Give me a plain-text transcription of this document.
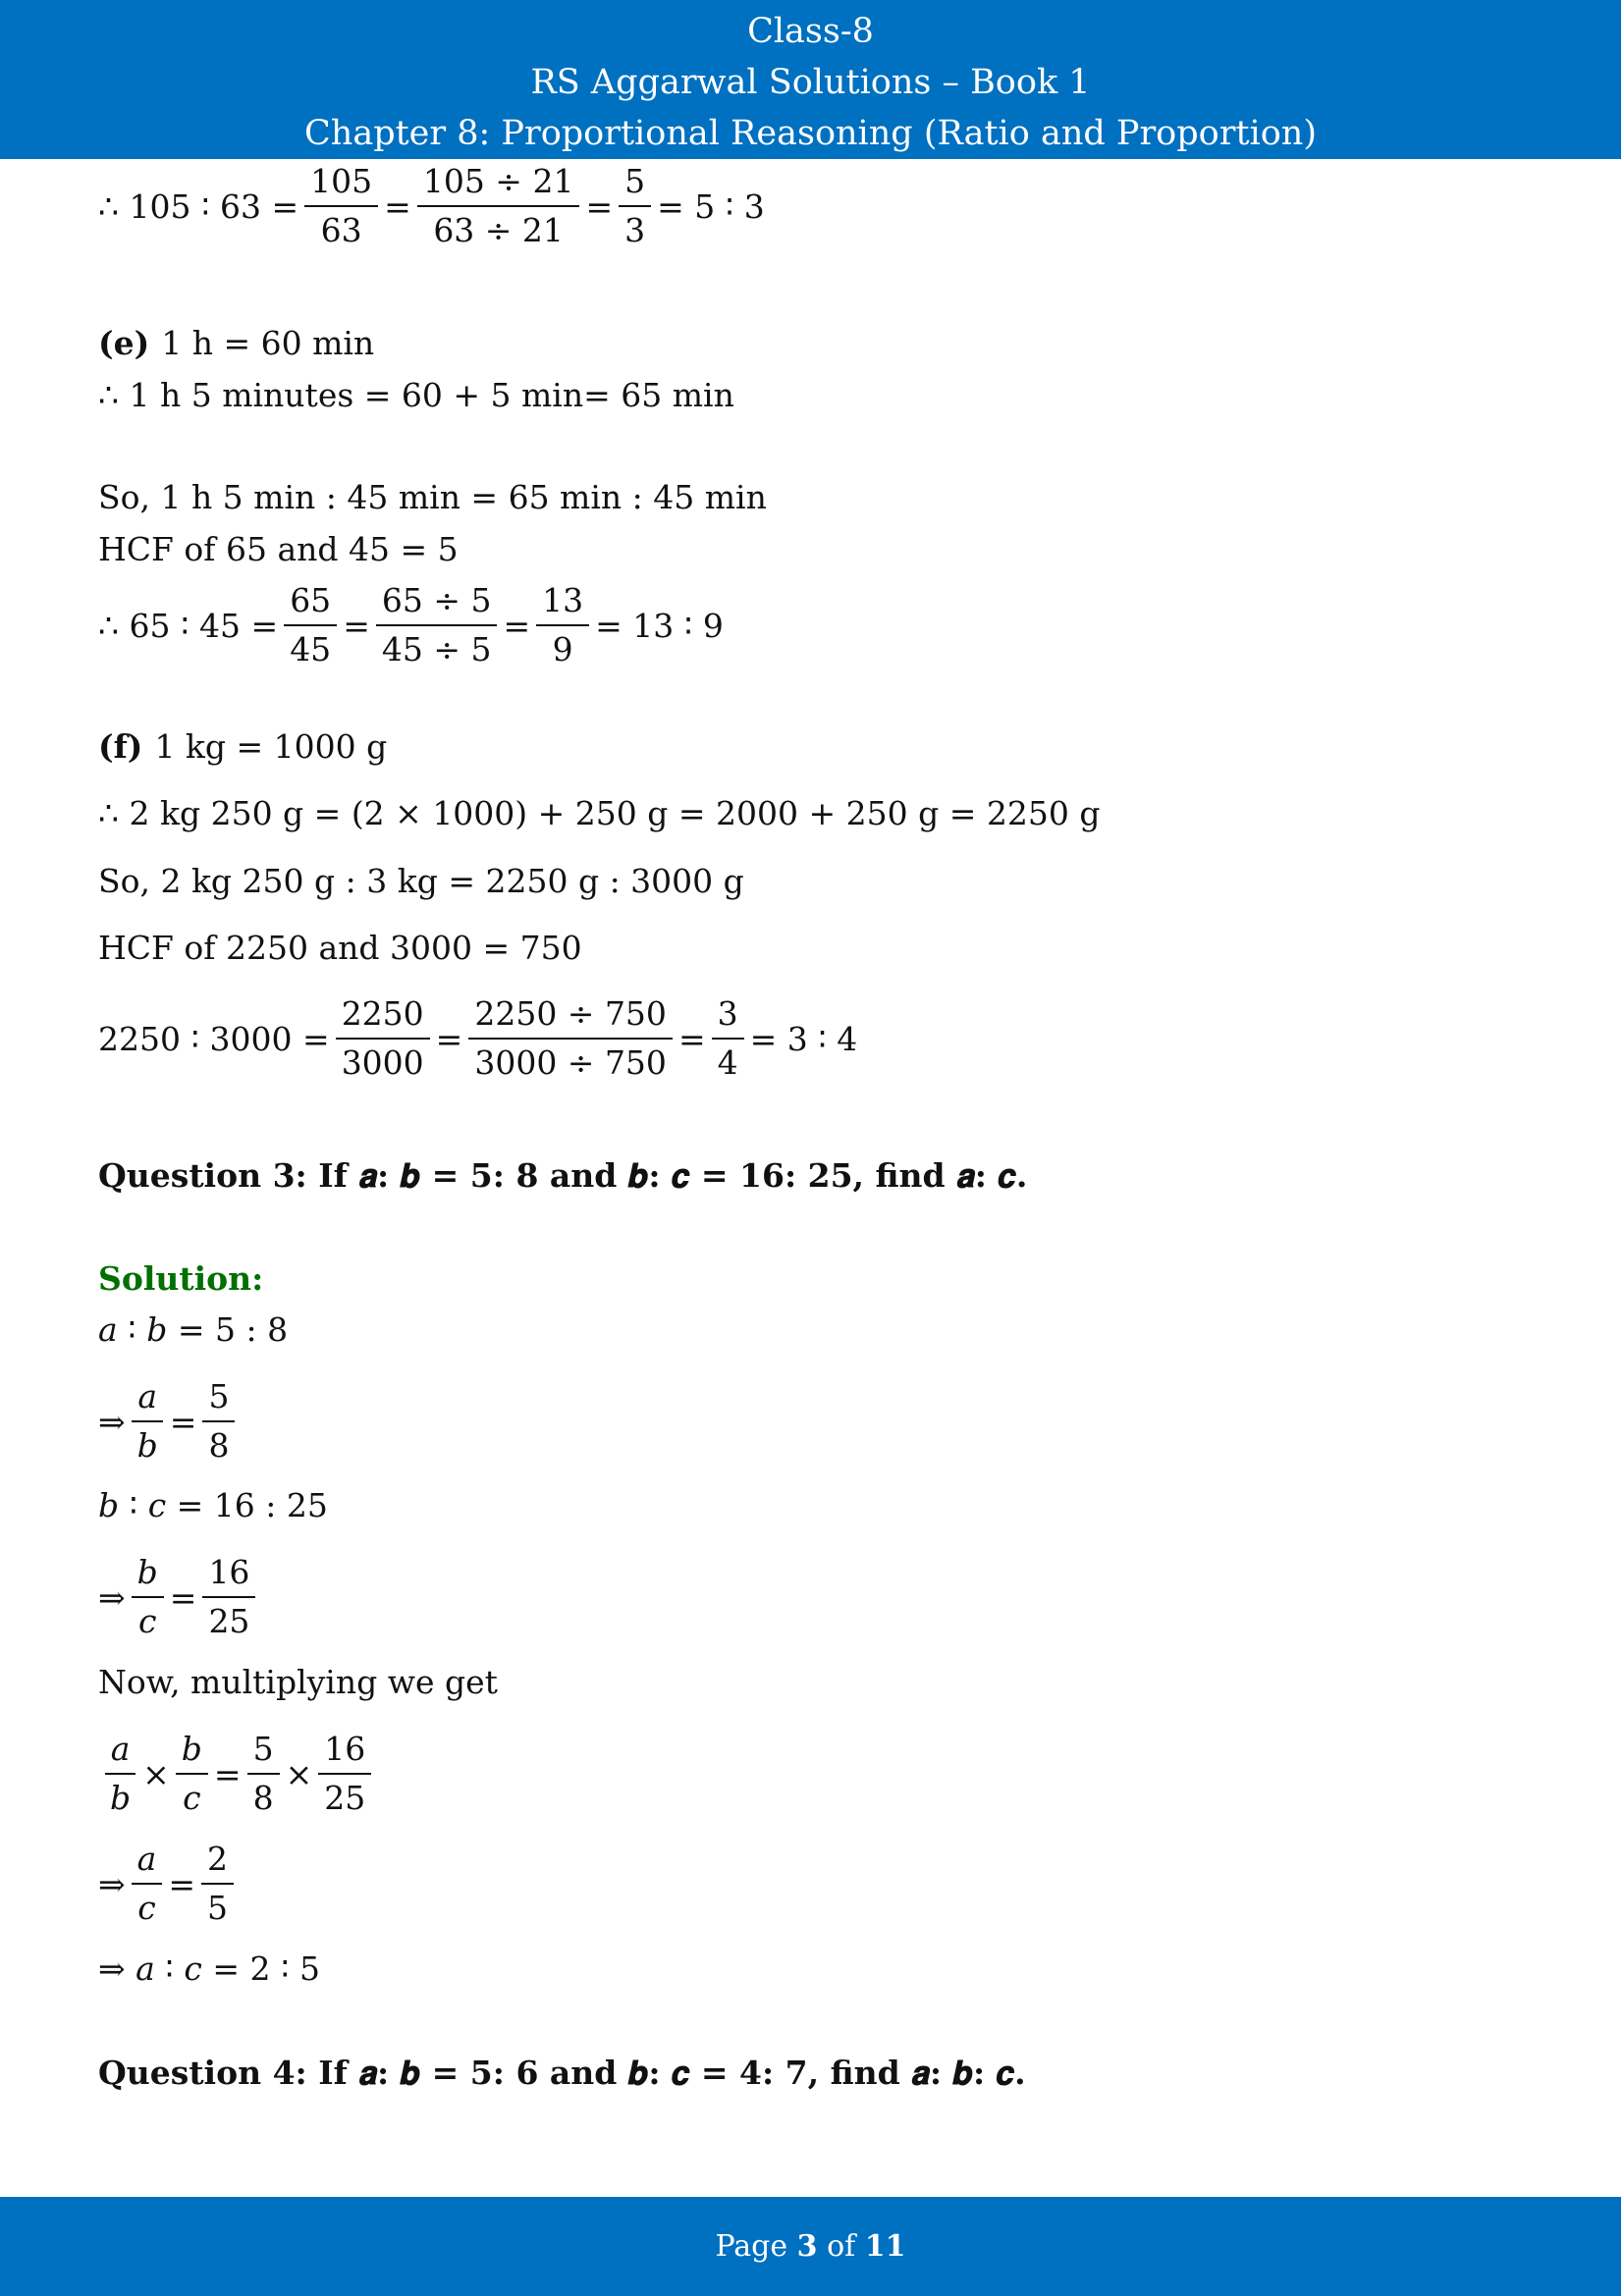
Class-8
RS Aggarwal Solutions – Book 1
Chapter 8: Proportional Reasoning (Ratio and Proportion)
∴ 105 ∶ $63 = \frac{105}{63} = \frac{105 \div 21}{63 \div 21} = \frac{5}{3} = 5$ ∶ 3
(e) 1 h = 60 min
∴ 1 h 5 minutes = 60 + 5 min= 65 min
So, 1 h 5 min : 45 min = 65 min : 45 min
HCF of 65 and 45 = 5
∴ 65 ∶ $45 = \frac{65}{45} = \frac{65 \div 5}{45 \div 5} = \frac{13}{9} = 13$ ∶ 9
(f) 1 kg = 1000 g
∴ 2 kg 250 g = (2 × 1000) + 250 g = 2000 + 250 g = 2250 g
So, 2 kg 250 g : 3 kg = 2250 g : 3000 g
HCF of 2250 and 3000 = 750
2250 ∶ $3000 = \frac{2250}{3000} = \frac{2250 \div 750}{3000 \div 750} = \frac{3}{4} = 3$ ∶ 4
Question 3: If 𝒂: 𝒃 = 𝟓: 𝟖 and 𝒃: 𝒄 = 𝟏𝟔: 𝟐𝟓, find 𝒂: 𝒄.
Solution:
𝑎 ∶ 𝑏 = 5 : 8
⇒ $\frac{\text{𝑎}}{\text{𝑏}} = \frac{5}{8}$
𝑏 ∶ 𝑐 = 16 : 25
⇒ $\frac{\text{𝑏}}{\text{𝑐}} = \frac{16}{25}$
Now, multiplying we get
$\frac{\text{𝑎}}{\text{𝑏}} \times \frac{\text{𝑏}}{\text{𝑐}} = \frac{5}{8} \times \frac{16}{25}$
⇒ $\frac{\text{𝑎}}{\text{𝑐}} = \frac{2}{5}$
⇒ 𝑎 ∶ 𝑐 = 2 ∶ 5
Question 4: If 𝒂: 𝒃 = 𝟓: 𝟔 and 𝒃: 𝒄 = 𝟒: 𝟕, find 𝒂: 𝒃: 𝒄.
Page 3 of 11
